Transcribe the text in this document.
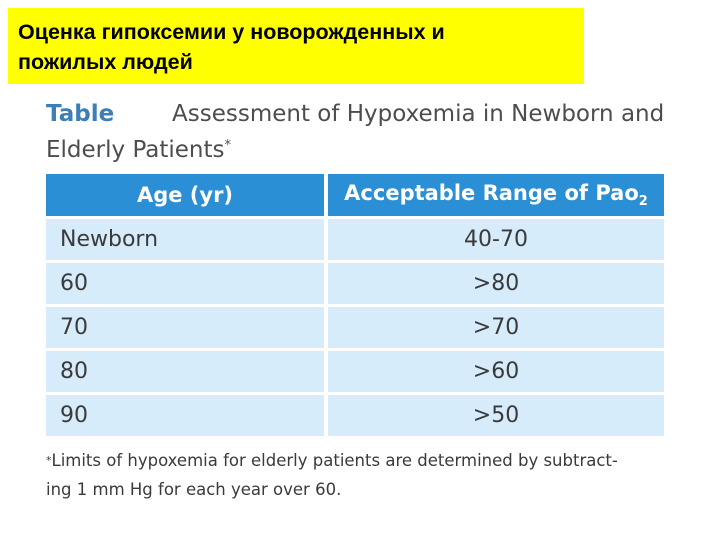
Оценка гипоксемии у новорожденных и
пожилых людей
Table	Assessment of Hypoxemia in Newborn and
Elderly Patients*
Age (yr)	Acceptable Range of Pao$_2$
Newborn	40-70
60	>80
70	>70
80	>60
90	>50
*Limits of hypoxemia for elderly patients are determined by subtract-
ing 1 mm Hg for each year over 60.
